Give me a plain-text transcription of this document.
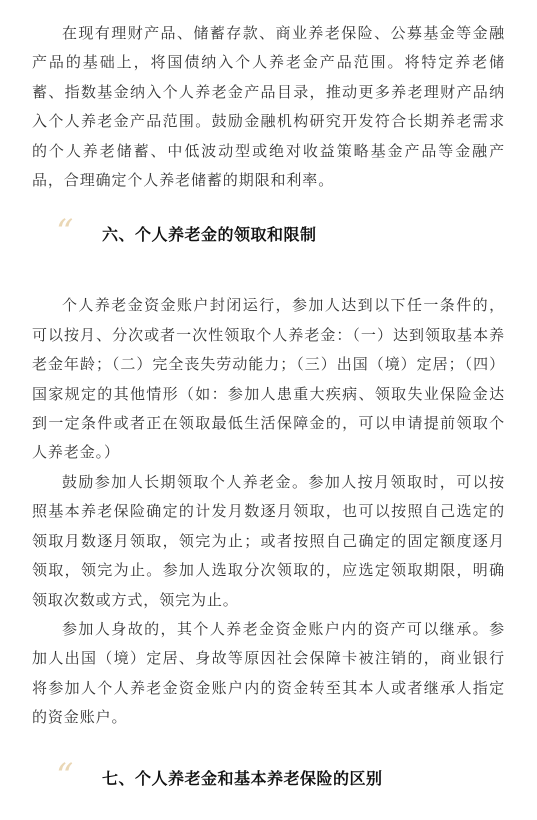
在现有理财产品、储蓄存款、商业养老保险、公募基金等金融产品的基础上，将国债纳入个人养老金产品范围。将特定养老储蓄、指数基金纳入个人养老金产品目录，推动更多养老理财产品纳入个人养老金产品范围。鼓励金融机构研究开发符合长期养老需求的个人养老储蓄、中低波动型或绝对收益策略基金产品等金融产品，合理确定个人养老储蓄的期限和利率。

“ 六、个人养老金的领取和限制

个人养老金资金账户封闭运行，参加人达到以下任一条件的，可以按月、分次或者一次性领取个人养老金：（一）达到领取基本养老金年龄；（二）完全丧失劳动能力；（三）出国（境）定居；（四）国家规定的其他情形（如：参加人患重大疾病、领取失业保险金达到一定条件或者正在领取最低生活保障金的，可以申请提前领取个人养老金。）

鼓励参加人长期领取个人养老金。参加人按月领取时，可以按照基本养老保险确定的计发月数逐月领取，也可以按照自己选定的领取月数逐月领取，领完为止；或者按照自己确定的固定额度逐月领取，领完为止。参加人选取分次领取的，应选定领取期限，明确领取次数或方式，领完为止。

参加人身故的，其个人养老金资金账户内的资产可以继承。参加人出国（境）定居、身故等原因社会保障卡被注销的，商业银行将参加人个人养老金资金账户内的资金转至其本人或者继承人指定的资金账户。

“ 七、个人养老金和基本养老保险的区别
